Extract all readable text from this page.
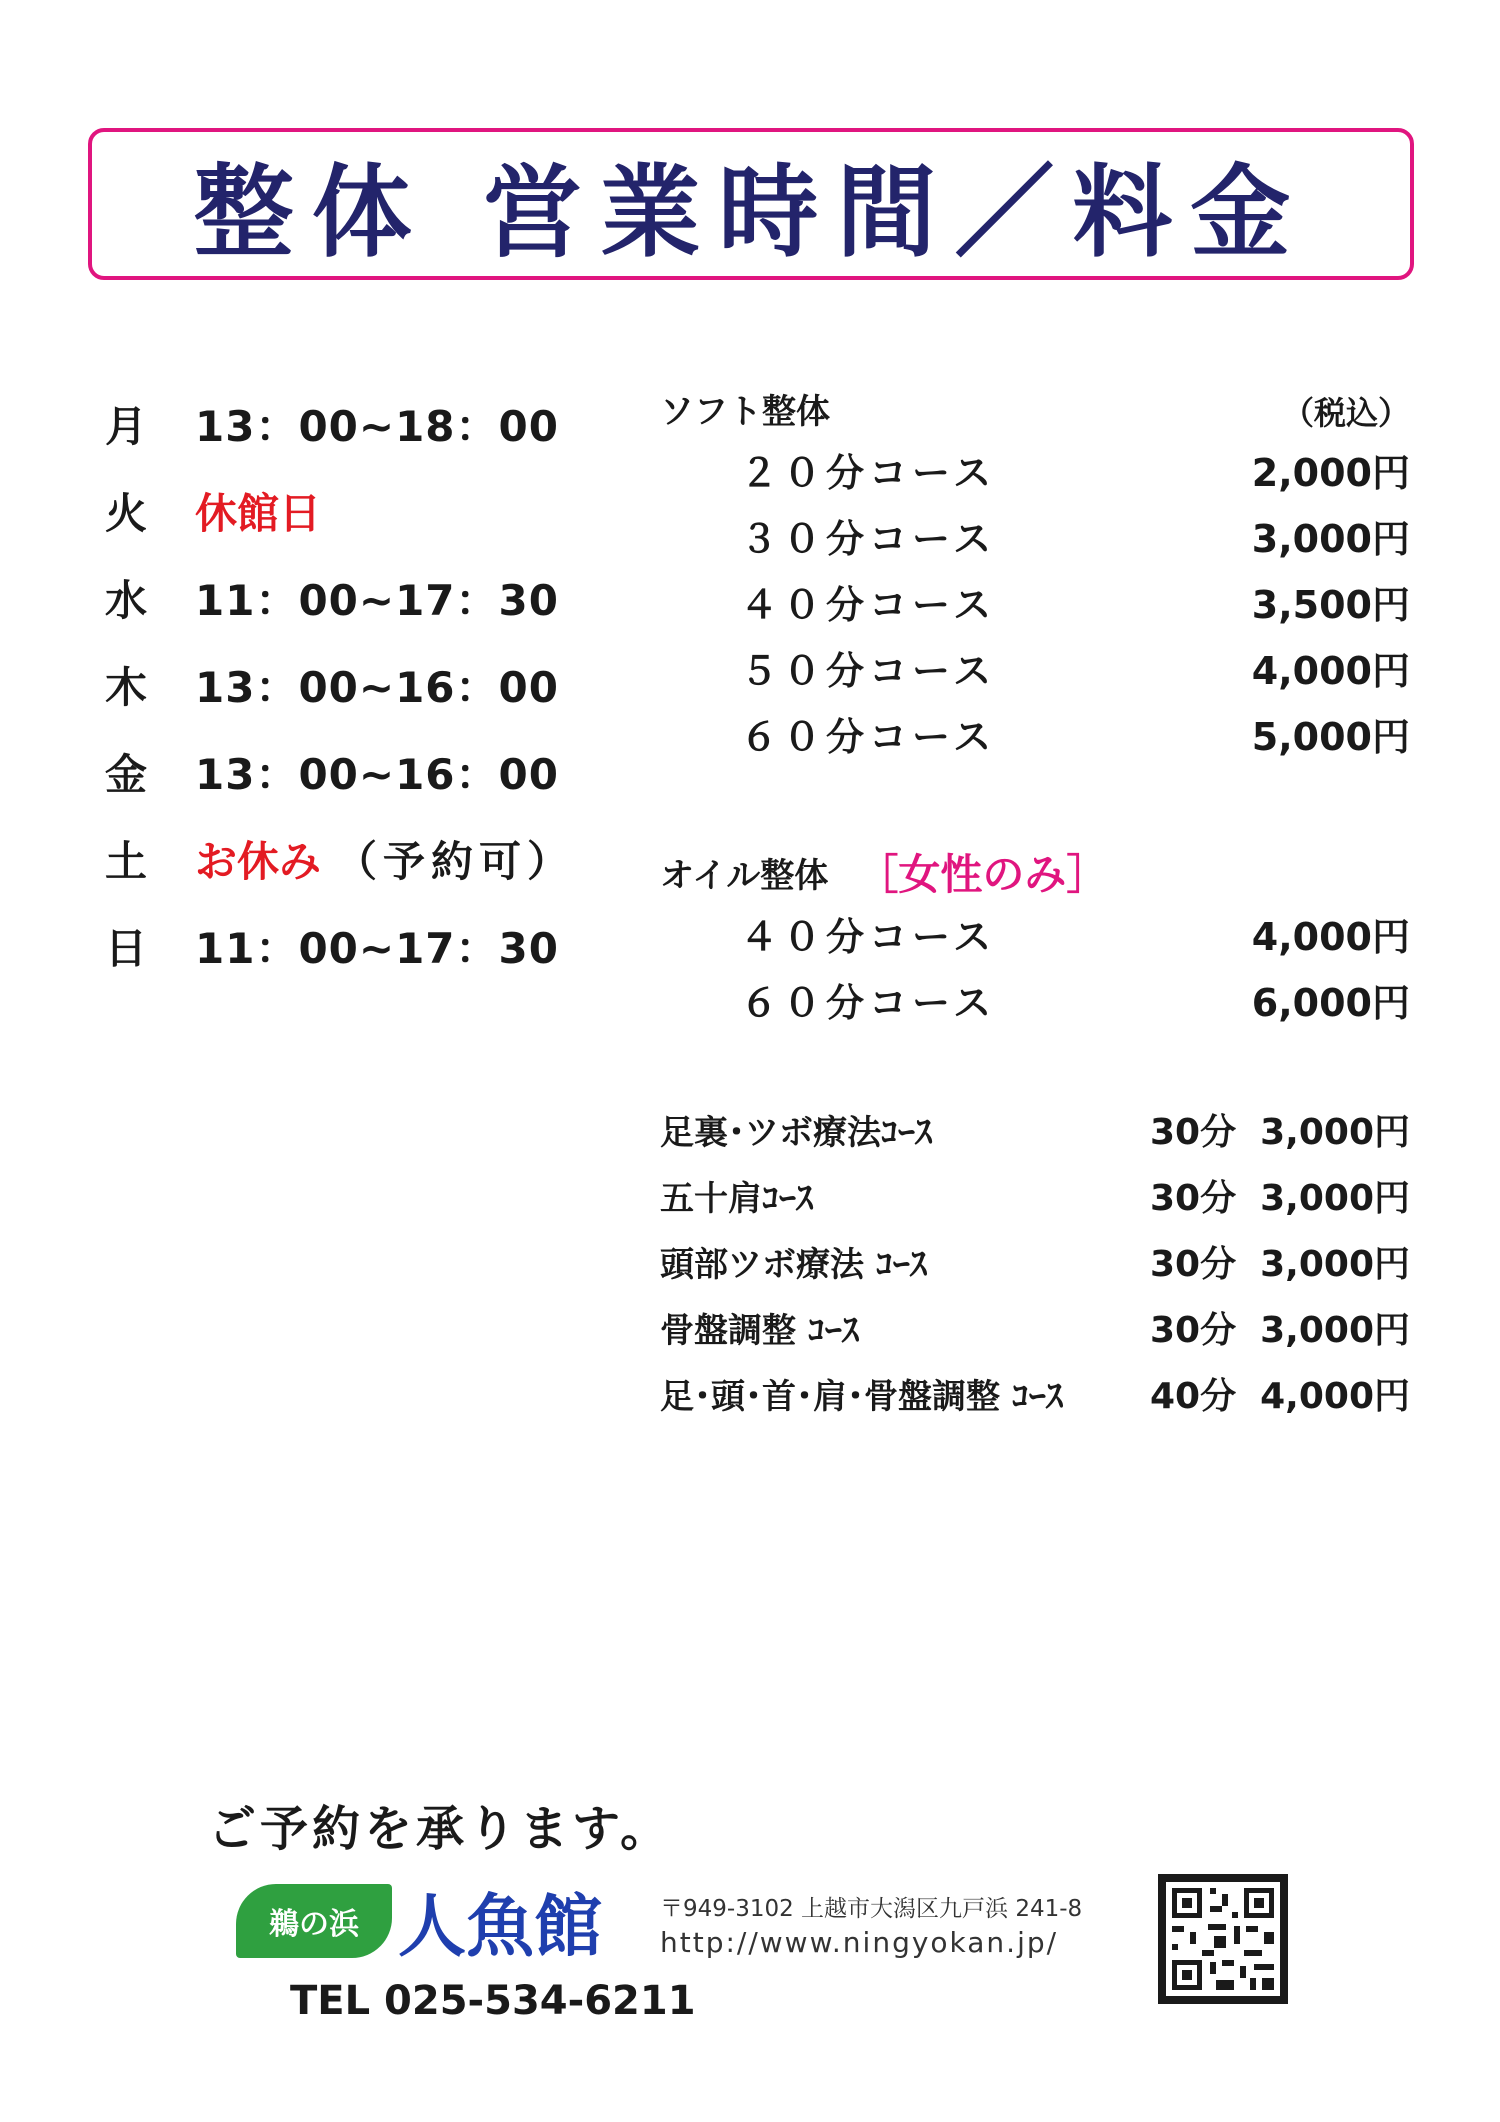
整体 営業時間／料金
月	13：00~18：00
火	休館日
水	11：00~17：30
木	13：00~16：00
金	13：00~16：00
土	お休み （予約可）
日	11：00~17：30
ソフト整体	（税込）
２０分コース	2,000円
３０分コース	3,000円
４０分コース	3,500円
５０分コース	4,000円
６０分コース	5,000円
オイル整体 ［女性のみ］
４０分コース	4,000円
６０分コース	6,000円
足裏･ツボ療法ｺｰｽ	30分 3,000円
五十肩ｺｰｽ	30分 3,000円
頭部ツボ療法 ｺｰｽ	30分 3,000円
骨盤調整 ｺｰｽ	30分 3,000円
足･頭･首･肩･骨盤調整 ｺｰｽ	40分 4,000円
ご予約を承ります。
鵜の浜 人魚館
TEL 025-534-6211
〒949-3102 上越市大潟区九戸浜 241-8
http://www.ningyokan.jp/
